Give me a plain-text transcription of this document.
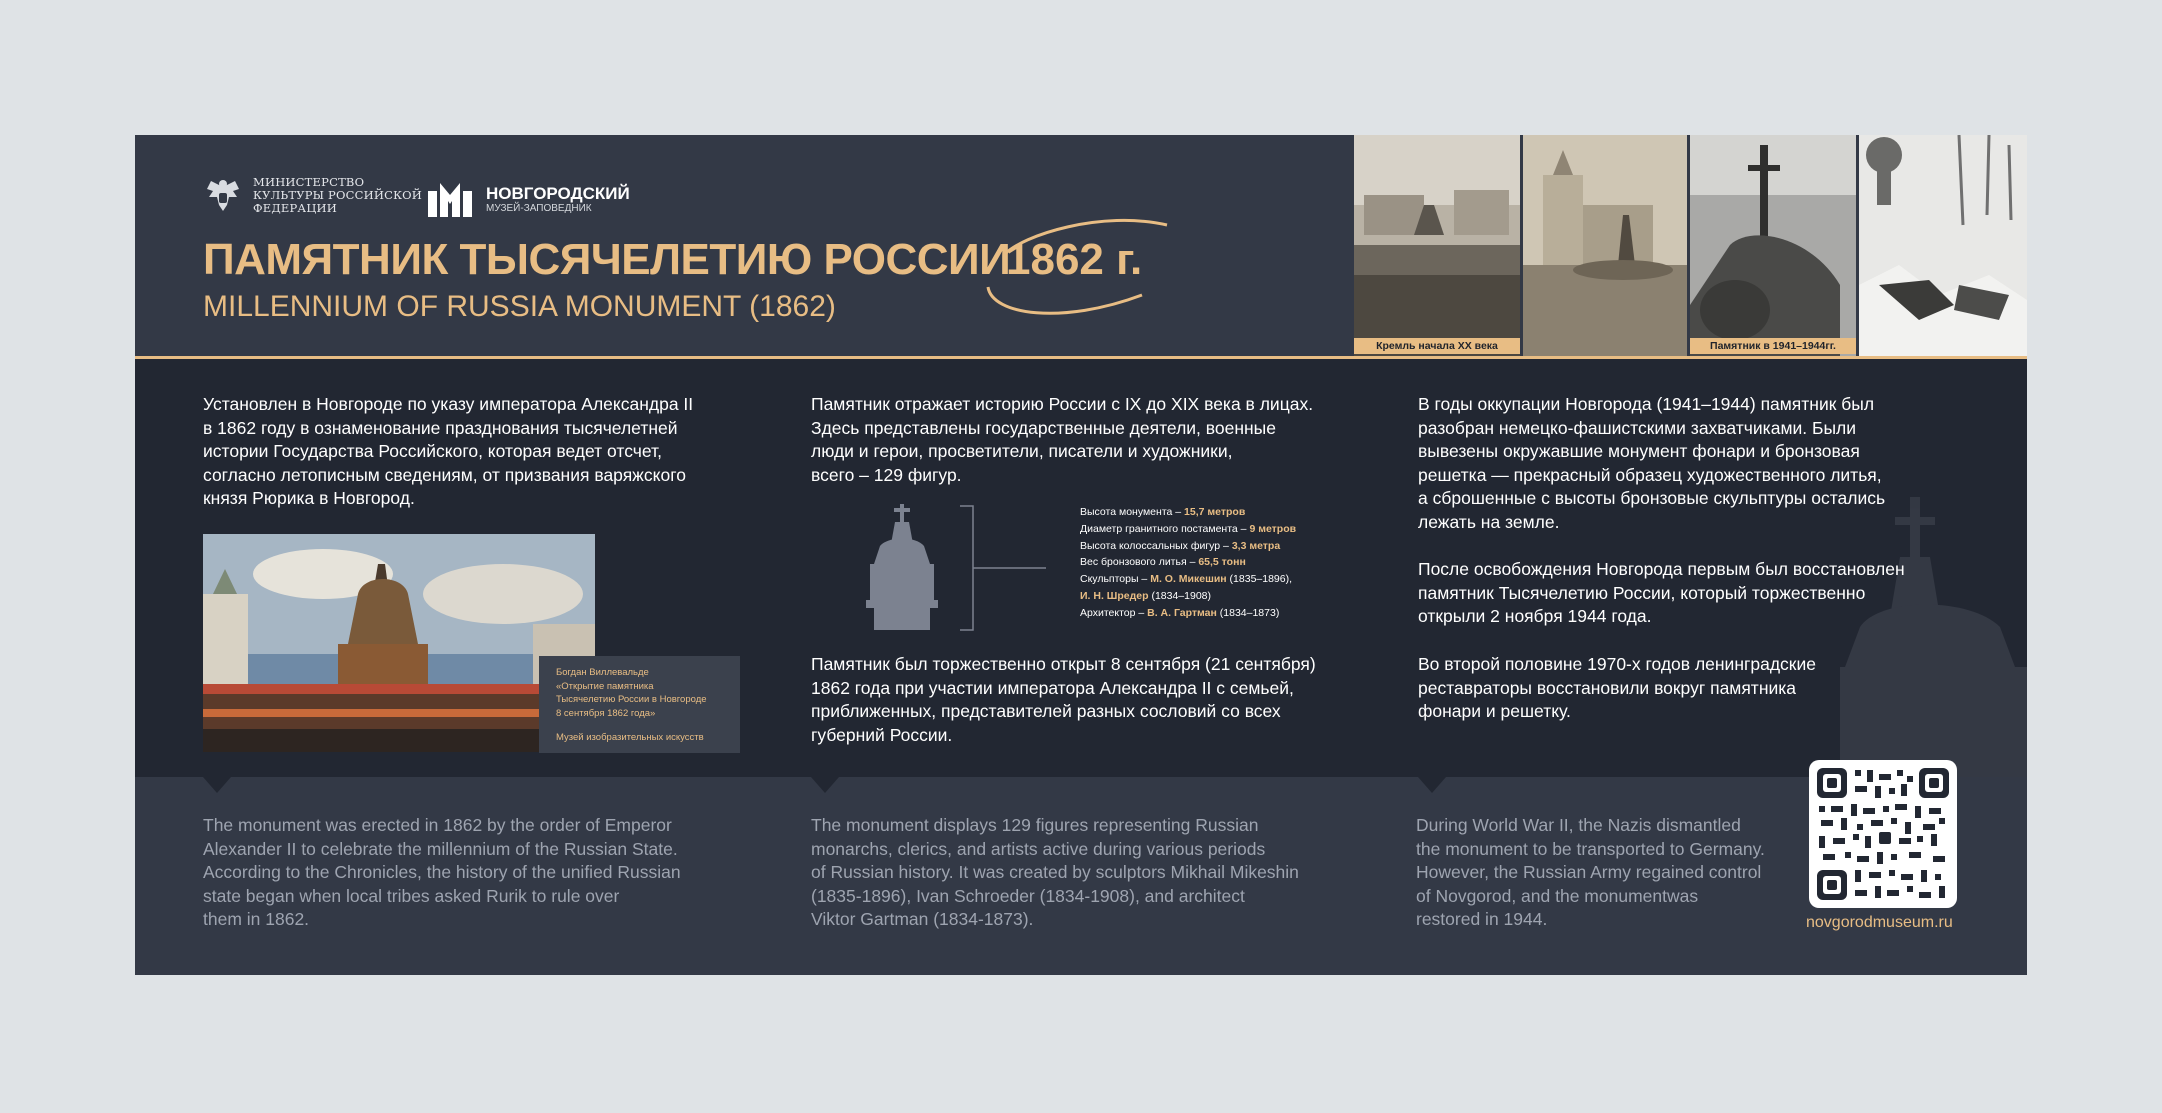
МИНИСТЕРСТВО КУЛЬТУРЫ РОССИЙСКОЙ ФЕДЕРАЦИИ
НОВГОРОДСКИЙ
МУЗЕЙ-ЗАПОВЕДНИК
ПАМЯТНИК ТЫСЯЧЕЛЕТИЮ РОССИИ
1862 г.
MILLENNIUM OF RUSSIA MONUMENT (1862)
Кремль начала XX века	Памятник в 1941–1944гг.
Установлен в Новгороде по указу императора Александра II
в 1862 году в ознаменование празднования тысячелетней
истории Государства Российского, которая ведет отсчет,
согласно летописным сведениям, от призвания варяжского
князя Рюрика в Новгород.
Богдан Виллевальде
«Открытие памятника
Тысячелетию России в Новгороде
8 сентября 1862 года»
Музей изобразительных искусств
Памятник отражает историю России с IX до XIX века в лицах.
Здесь представлены государственные деятели, военные
люди и герои, просветители, писатели и художники,
всего – 129 фигур.
Высота монумента – 15,7 метров
Диаметр гранитного постамента – 9 метров
Высота колоссальных фигур – 3,3 метра
Вес бронзового литья – 65,5 тонн
Скульпторы – М. О. Микешин (1835–1896),
И. Н. Шредер (1834–1908)
Архитектор – В. А. Гартман (1834–1873)
Памятник был торжественно открыт 8 сентября (21 сентября)
1862 года при участии императора Александра II с семьей,
приближенных, представителей разных сословий со всех
губерний России.
В годы оккупации Новгорода (1941–1944) памятник был
разобран немецко-фашистскими захватчиками. Были
вывезены окружавшие монумент фонари и бронзовая
решетка — прекрасный образец художественного литья,
а сброшенные с высоты бронзовые скульптуры остались
лежать на земле.
После освобождения Новгорода первым был восстановлен
памятник Тысячелетию России, который торжественно
открыли 2 ноября 1944 года.
Во второй половине 1970-х годов ленинградские
реставраторы восстановили вокруг памятника
фонари и решетку.
The monument was erected in 1862 by the order of Emperor
Alexander II to celebrate the millennium of the Russian State.
According to the Chronicles, the history of the unified Russian
state began when local tribes asked Rurik to rule over
them in 1862.
The monument displays 129 figures representing Russian
monarchs, clerics, and artists active during various periods
of Russian history. It was created by sculptors Mikhail Mikeshin
(1835-1896), Ivan Schroeder (1834-1908), and architect
Viktor Gartman (1834-1873).
During World War II, the Nazis dismantled
the monument to be transported to Germany.
However, the Russian Army regained control
of Novgorod, and the monumentwas
restored in 1944.	novgorodmuseum.ru
